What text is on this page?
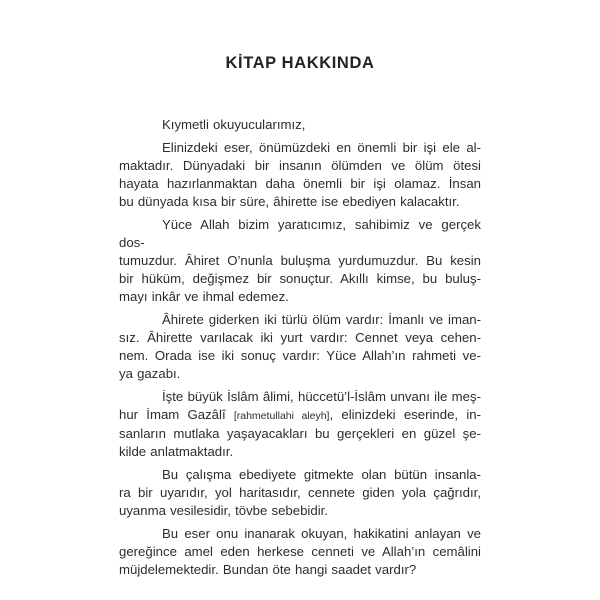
KİTAP HAKKINDA
Kıymetli okuyucularımız,
Elinizdeki eser, önümüzdeki en önemli bir işi ele al-
maktadır. Dünyadaki bir insanın ölümden ve ölüm ötesi
hayata hazırlanmaktan daha önemli bir işi olamaz. İnsan
bu dünyada kısa bir süre, âhirette ise ebediyen kalacaktır.
Yüce Allah bizim yaratıcımız, sahibimiz ve gerçek dos-
tumuzdur. Âhiret O’nunla buluşma yurdumuzdur. Bu kesin
bir hüküm, değişmez bir sonuçtur. Akıllı kimse, bu buluş-
mayı inkâr ve ihmal edemez.
Âhirete giderken iki türlü ölüm vardır: İmanlı ve iman-
sız. Âhirette varılacak iki yurt vardır: Cennet veya cehen-
nem. Orada ise iki sonuç vardır: Yüce Allah’ın rahmeti ve-
ya gazabı.
İşte büyük İslâm âlimi, hüccetü’l-İslâm unvanı ile meş-
hur İmam Gazâlî [rahmetullahi aleyh], elinizdeki eserinde, in-
sanların mutlaka yaşayacakları bu gerçekleri en güzel şe-
kilde anlatmaktadır.
Bu çalışma ebediyete gitmekte olan bütün insanla-
ra bir uyarıdır, yol haritasıdır, cennete giden yola çağrıdır,
uyanma vesilesidir, tövbe sebebidir.
Bu eser onu inanarak okuyan, hakikatini anlayan ve
gereğince amel eden herkese cenneti ve Allah’ın cemâlini
müjdelemektedir. Bundan öte hangi saadet vardır?
